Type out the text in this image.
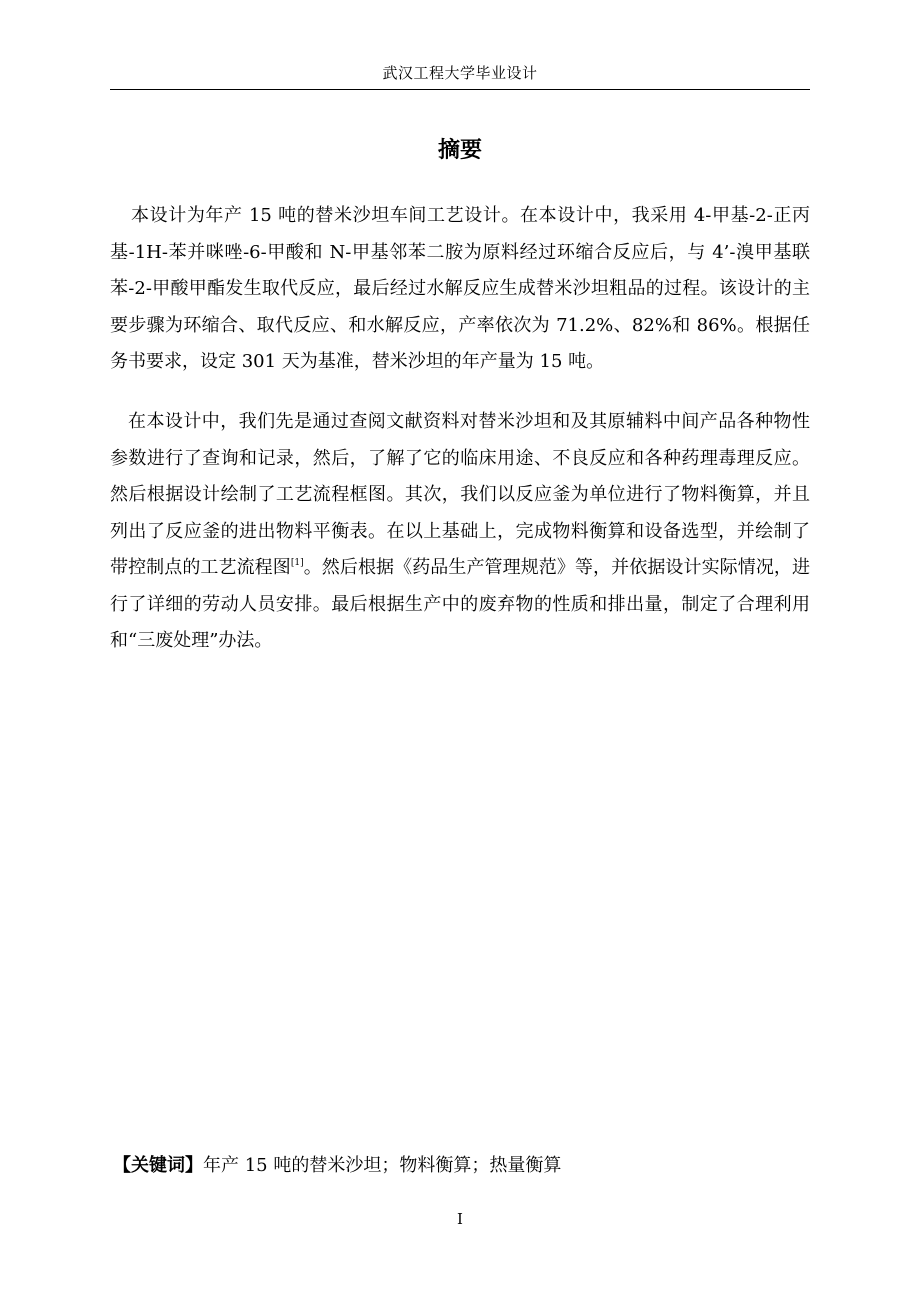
武汉工程大学毕业设计
摘要

本设计为年产 15 吨的替米沙坦车间工艺设计。在本设计中，我采用 4-甲基-2-正丙基-1H-苯并咪唑-6-甲酸和 N-甲基邻苯二胺为原料经过环缩合反应后，与 4’-溴甲基联苯-2-甲酸甲酯发生取代反应，最后经过水解反应生成替米沙坦粗品的过程。该设计的主要步骤为环缩合、取代反应、和水解反应，产率依次为 71.2%、82%和 86%。根据任务书要求，设定 301 天为基准，替米沙坦的年产量为 15 吨。

在本设计中，我们先是通过查阅文献资料对替米沙坦和及其原辅料中间产品各种物性参数进行了查询和记录，然后，了解了它的临床用途、不良反应和各种药理毒理反应。然后根据设计绘制了工艺流程框图。其次，我们以反应釜为单位进行了物料衡算，并且列出了反应釜的进出物料平衡表。在以上基础上，完成物料衡算和设备选型，并绘制了带控制点的工艺流程图[1]。然后根据《药品生产管理规范》等，并依据设计实际情况，进行了详细的劳动人员安排。最后根据生产中的废弃物的性质和排出量，制定了合理利用和“三废处理”办法。

【关键词】年产 15 吨的替米沙坦；物料衡算；热量衡算
I
